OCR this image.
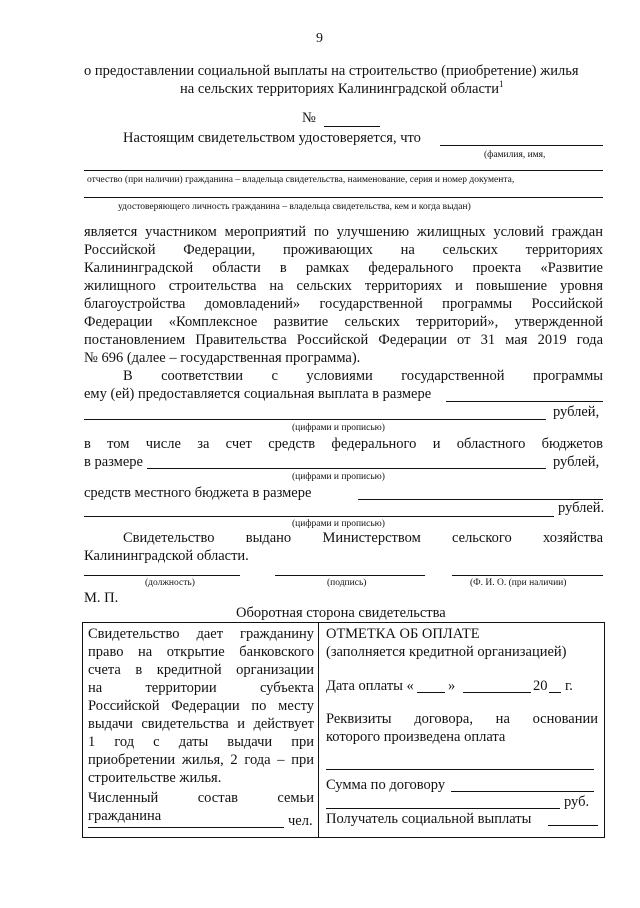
9
о предоставлении социальной выплаты на строительство (приобретение) жилья
на сельских территориях Калининградской области$^1$
№
Настоящим свидетельством удостоверяется, что
(фамилия, имя,
отчество (при наличии) гражданина – владельца свидетельства, наименование, серия и номер документа,
удостоверяющего личность гражданина – владельца свидетельства, кем и когда выдан)
является участником мероприятий по улучшению жилищных условий граждан
Российской Федерации, проживающих на сельских территориях
Калининградской области в рамках федерального проекта «Развитие
жилищного строительства на сельских территориях и повышение уровня
благоустройства домовладений» государственной программы Российской
Федерации «Комплексное развитие сельских территорий», утвержденной
постановлением Правительства Российской Федерации от 31 мая 2019 года
№ 696 (далее – государственная программа).
В соответствии с условиями государственной программы
ему (ей) предоставляется социальная выплата в размере
рублей,
(цифрами и прописью)
в том числе за счет средств федерального и областного бюджетов
в размере	рублей,
(цифрами и прописью)
средств местного бюджета в размере
рублей.
(цифрами и прописью)
Свидетельство выдано Министерством сельского хозяйства
Калининградской области.
(должность)	(подпись)	(Ф. И. О. (при наличии)
М. П.
Оборотная сторона свидетельства
Свидетельство дает гражданину
право на открытие банковского
счета в кредитной организации
на территории субъекта
Российской Федерации по месту
выдачи свидетельства и действует
1 год с даты выдачи при
приобретении жилья, 2 года – при
строительстве жилья.
Численный состав семьи
гражданина	чел.
ОТМЕТКА ОБ ОПЛАТЕ
(заполняется кредитной организацией)
Дата оплаты « »	20 г.
Реквизиты договора, на основании
которого произведена оплата
Сумма по договору
руб.
Получатель социальной выплаты
